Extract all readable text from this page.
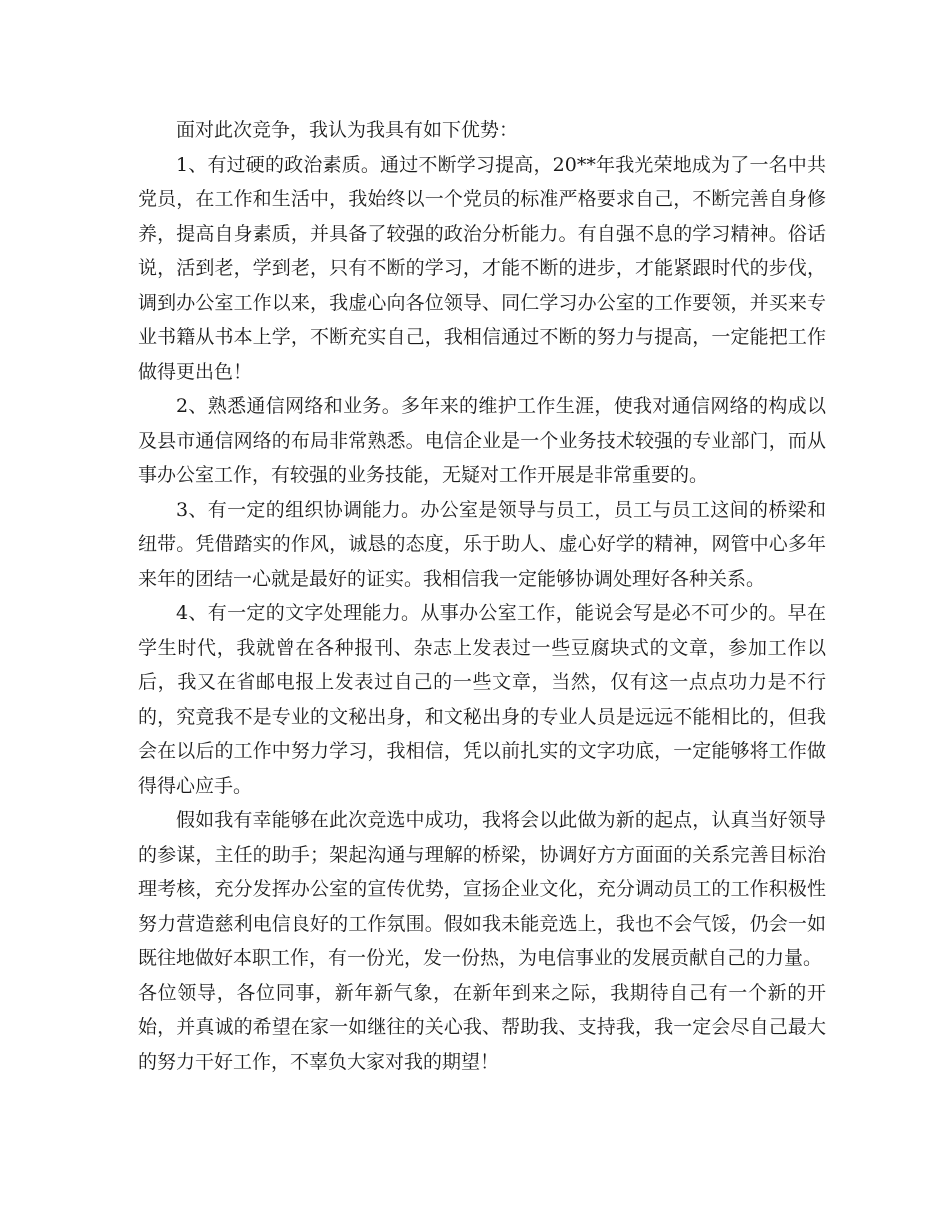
面对此次竞争，我认为我具有如下优势：

1、有过硬的政治素质。通过不断学习提高，20**年我光荣地成为了一名中共党员，在工作和生活中，我始终以一个党员的标准严格要求自己，不断完善自身修养，提高自身素质，并具备了较强的政治分析能力。有自强不息的学习精神。俗话说，活到老，学到老，只有不断的学习，才能不断的进步，才能紧跟时代的步伐，调到办公室工作以来，我虚心向各位领导、同仁学习办公室的工作要领，并买来专业书籍从书本上学，不断充实自己，我相信通过不断的努力与提高，一定能把工作做得更出色！

2、熟悉通信网络和业务。多年来的维护工作生涯，使我对通信网络的构成以及县市通信网络的布局非常熟悉。电信企业是一个业务技术较强的专业部门，而从事办公室工作，有较强的业务技能，无疑对工作开展是非常重要的。

3、有一定的组织协调能力。办公室是领导与员工，员工与员工这间的桥梁和纽带。凭借踏实的作风，诚恳的态度，乐于助人、虚心好学的精神，网管中心多年来年的团结一心就是最好的证实。我相信我一定能够协调处理好各种关系。

4、有一定的文字处理能力。从事办公室工作，能说会写是必不可少的。早在学生时代，我就曾在各种报刊、杂志上发表过一些豆腐块式的文章，参加工作以后，我又在省邮电报上发表过自己的一些文章，当然，仅有这一点点功力是不行的，究竟我不是专业的文秘出身，和文秘出身的专业人员是远远不能相比的，但我会在以后的工作中努力学习，我相信，凭以前扎实的文字功底，一定能够将工作做得得心应手。

假如我有幸能够在此次竞选中成功，我将会以此做为新的起点，认真当好领导的参谋，主任的助手；架起沟通与理解的桥梁，协调好方方面面的关系完善目标治理考核，充分发挥办公室的宣传优势，宣扬企业文化，充分调动员工的工作积极性努力营造慈利电信良好的工作氛围。假如我未能竞选上，我也不会气馁，仍会一如既往地做好本职工作，有一份光，发一份热，为电信事业的发展贡献自己的力量。

各位领导，各位同事，新年新气象，在新年到来之际，我期待自己有一个新的开始，并真诚的希望在家一如继往的关心我、帮助我、支持我，我一定会尽自己最大的努力干好工作，不辜负大家对我的期望！
